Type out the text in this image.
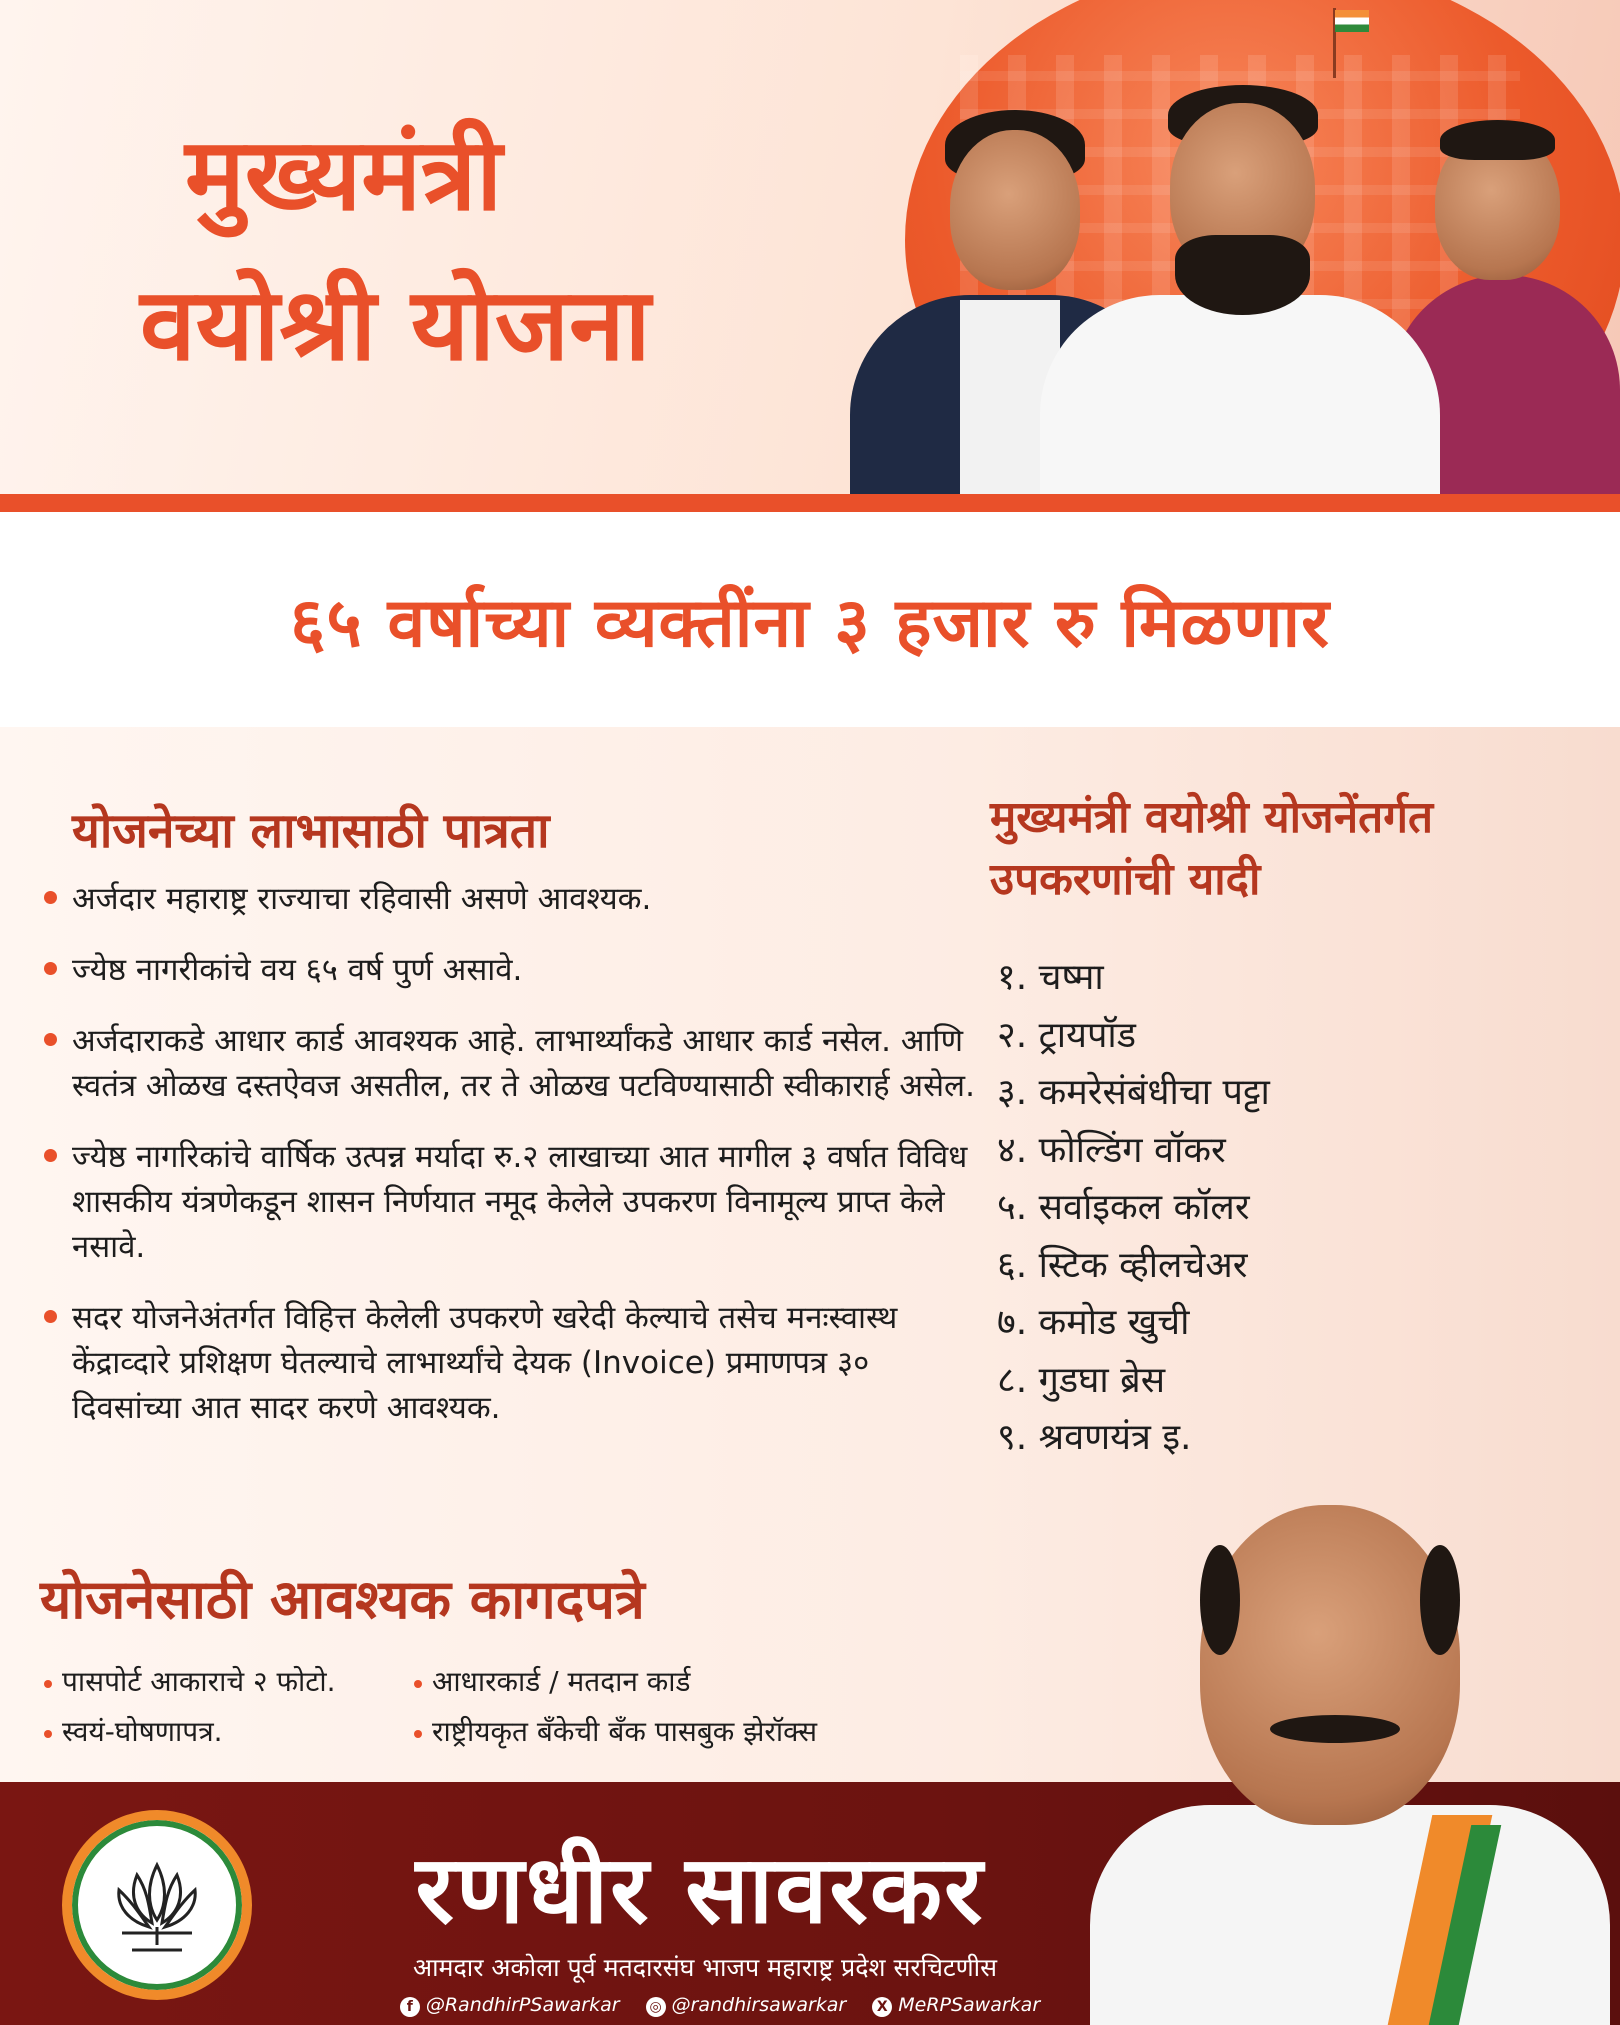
मुख्यमंत्री
वयोश्री योजना
६५ वर्षाच्या व्यक्तींना ३ हजार रु मिळणार
योजनेच्या लाभासाठी पात्रता
अर्जदार महाराष्ट्र राज्याचा रहिवासी असणे आवश्यक.
ज्येष्ठ नागरीकांचे वय ६५ वर्ष पुर्ण असावे.
अर्जदाराकडे आधार कार्ड आवश्यक आहे. लाभार्थ्यांकडे आधार कार्ड नसेल. आणि स्वतंत्र ओळख दस्तऐवज असतील, तर ते ओळख पटविण्यासाठी स्वीकारार्ह असेल.
ज्येष्ठ नागरिकांचे वार्षिक उत्पन्न मर्यादा रु.२ लाखाच्या आत मागील ३ वर्षात विविध शासकीय यंत्रणेकडून शासन निर्णयात नमूद केलेले उपकरण विनामूल्य प्राप्त केले नसावे.
सदर योजनेअंतर्गत विहित्त केलेली उपकरणे खरेदी केल्याचे तसेच मनःस्वास्थ केंद्राव्दारे प्रशिक्षण घेतल्याचे लाभार्थ्यांचे देयक (Invoice) प्रमाणपत्र ३० दिवसांच्या आत सादर करणे आवश्यक.
मुख्यमंत्री वयोश्री योजनेंतर्गत
उपकरणांची यादी
१. चष्मा
२. ट्रायपॉड
३. कमरेसंबंधीचा पट्टा
४. फोल्डिंग वॉकर
५. सर्वाइकल कॉलर
६. स्टिक व्हीलचेअर
७. कमोड खुची
८. गुडघा ब्रेस
९. श्रवणयंत्र इ.
योजनेसाठी आवश्यक कागदपत्रे
पासपोर्ट आकाराचे २ फोटो.	आधारकार्ड / मतदान कार्ड
स्वयं-घोषणापत्र.	राष्ट्रीयकृत बँकेची बँक पासबुक झेरॉक्स
रणधीर सावरकर
आमदार अकोला पूर्व मतदारसंघ भाजप महाराष्ट्र प्रदेश सरचिटणीस
f @RandhirPSawarkar ◎ @randhirsawarkar	X MeRPSawarkar
